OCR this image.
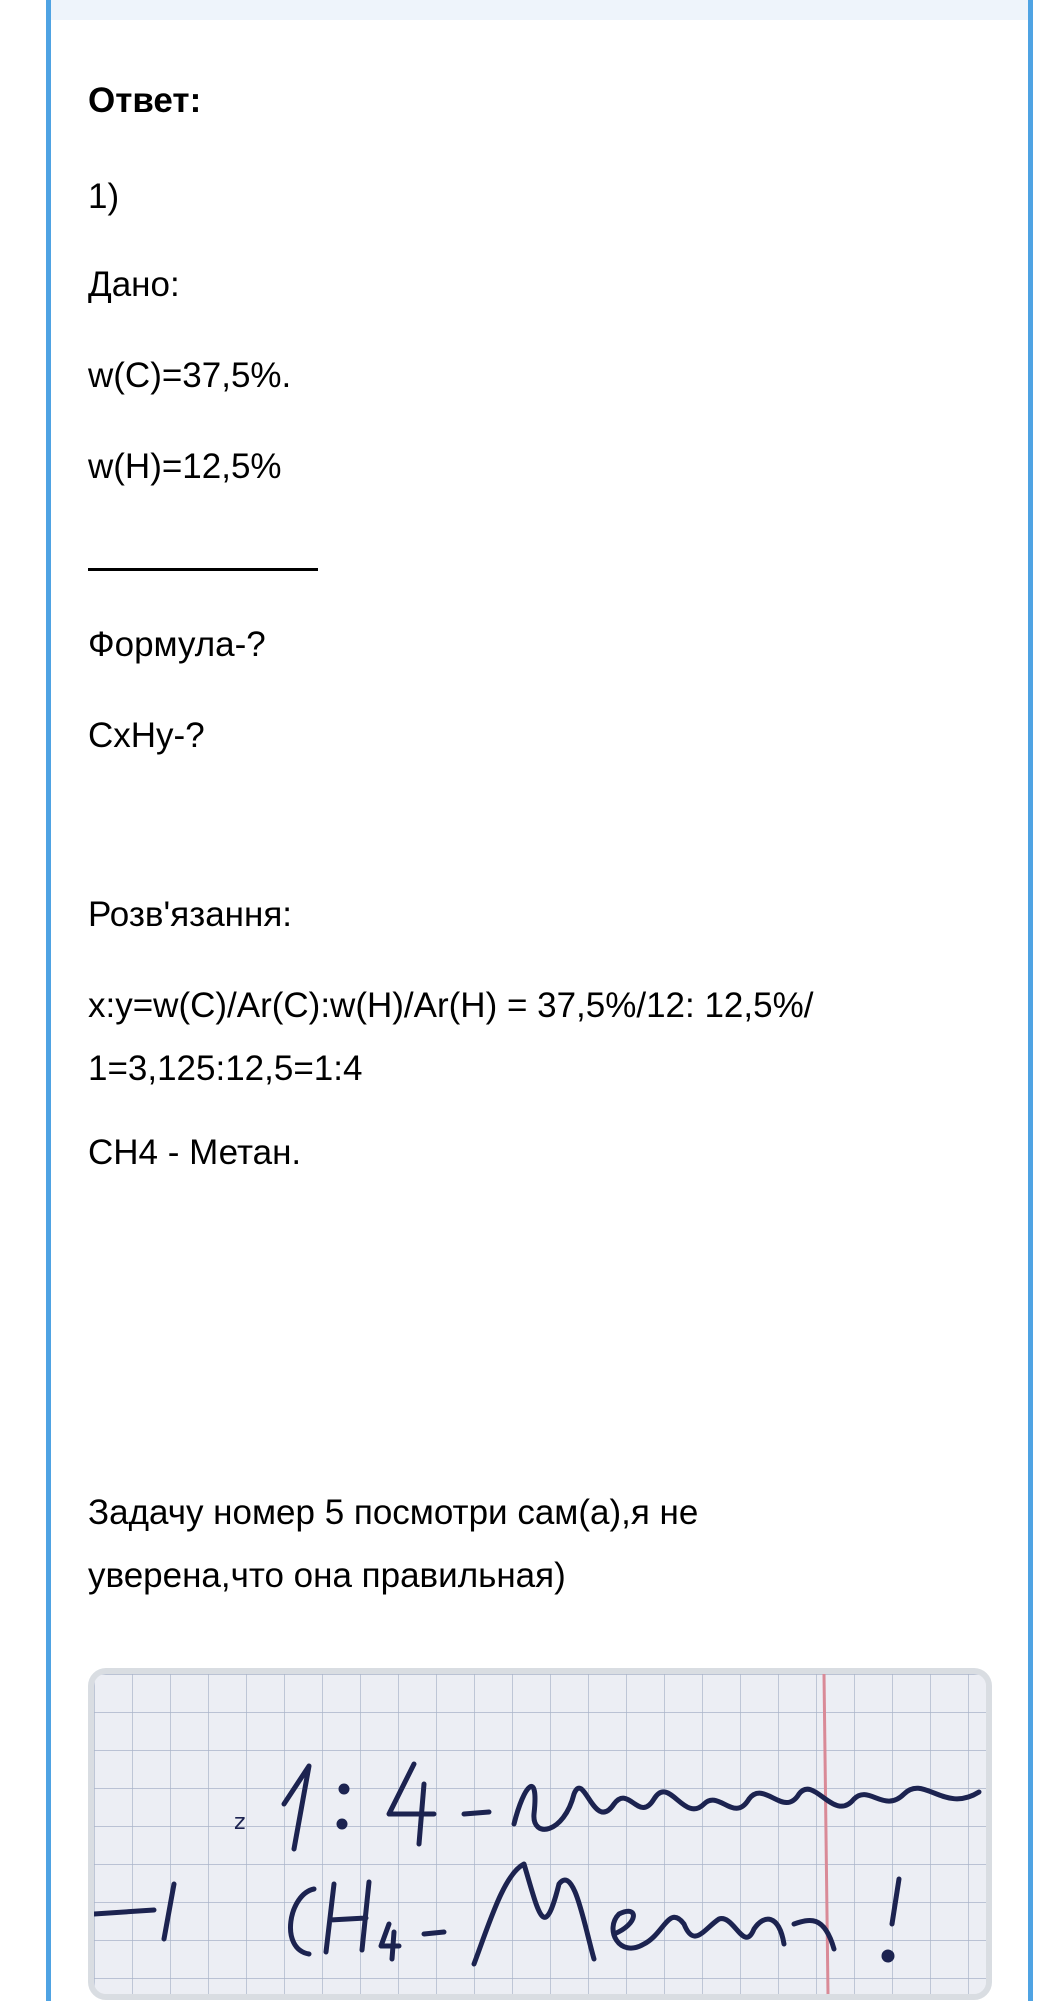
Ответ:
1)
Дано:
w(C)=37,5%.
w(H)=12,5%
Формула-?
CxHy-?
Розв'язання:
x:y=w(C)/Ar(C):w(H)/Ar(H) = 37,5%/12: 12,5%/
1=3,125:12,5=1:4
CH4 - Метан.
Задачу номер 5 посмотри сам(а),я не
уверена,что она правильная)
z
